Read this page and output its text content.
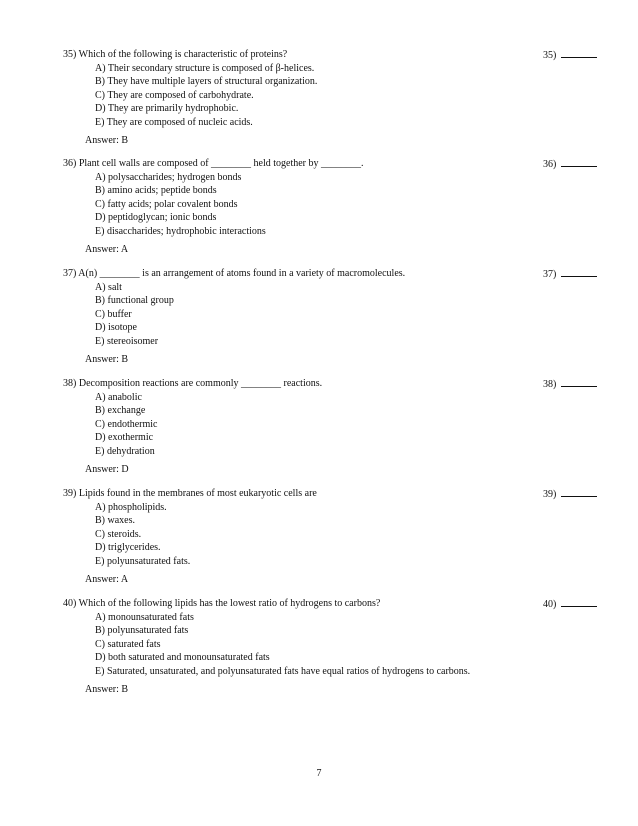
35) Which of the following is characteristic of proteins?	35)
A) Their secondary structure is composed of β-helices.
B) They have multiple layers of structural organization.
C) They are composed of carbohydrate.
D) They are primarily hydrophobic.
E) They are composed of nucleic acids.
Answer: B
36) Plant cell walls are composed of ________ held together by ________.	36)
A) polysaccharides; hydrogen bonds
B) amino acids; peptide bonds
C) fatty acids; polar covalent bonds
D) peptidoglycan; ionic bonds
E) disaccharides; hydrophobic interactions
Answer: A
37) A(n) ________ is an arrangement of atoms found in a variety of macromolecules.	37)
A) salt
B) functional group
C) buffer
D) isotope
E) stereoisomer
Answer: B
38) Decomposition reactions are commonly ________ reactions.	38)
A) anabolic
B) exchange
C) endothermic
D) exothermic
E) dehydration
Answer: D
39) Lipids found in the membranes of most eukaryotic cells are	39)
A) phospholipids.
B) waxes.
C) steroids.
D) triglycerides.
E) polyunsaturated fats.
Answer: A
40) Which of the following lipids has the lowest ratio of hydrogens to carbons?	40)
A) monounsaturated fats
B) polyunsaturated fats
C) saturated fats
D) both saturated and monounsaturated fats
E) Saturated, unsaturated, and polyunsaturated fats have equal ratios of hydrogens to carbons.
Answer: B
7
